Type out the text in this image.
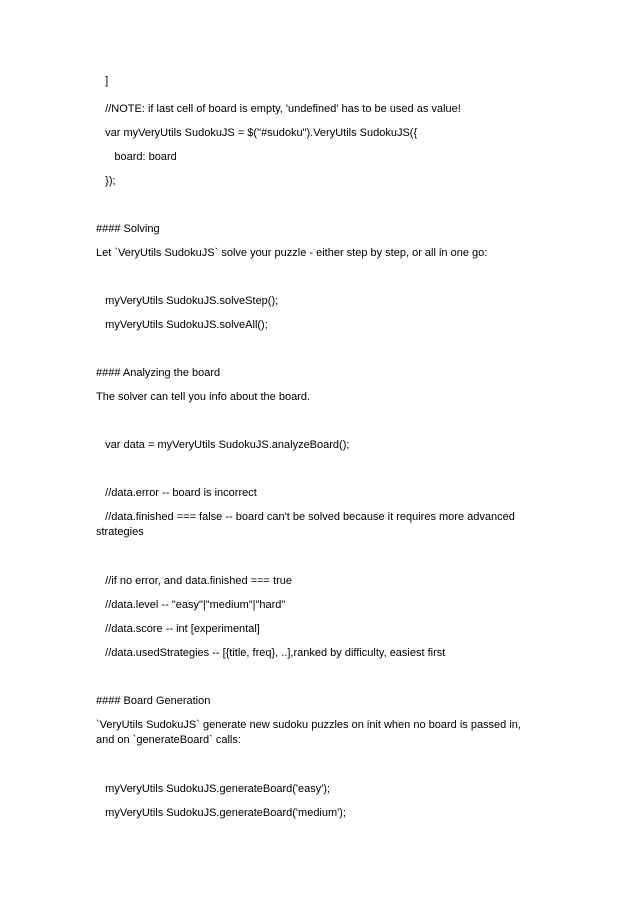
]
//NOTE: if last cell of board is empty, 'undefined' has to be used as value!
var myVeryUtils SudokuJS = $("#sudoku").VeryUtils SudokuJS({
board: board
});
#### Solving
Let `VeryUtils SudokuJS` solve your puzzle - either step by step, or all in one go:
myVeryUtils SudokuJS.solveStep();
myVeryUtils SudokuJS.solveAll();
#### Analyzing the board
The solver can tell you info about the board.
var data = myVeryUtils SudokuJS.analyzeBoard();
//data.error -- board is incorrect
//data.finished === false -- board can't be solved because it requires more advanced strategies
//if no error, and data.finished === true
//data.level -- "easy"|"medium"|"hard"
//data.score -- int [experimental]
//data.usedStrategies -- [{title, freq}, ..],ranked by difficulty, easiest first
#### Board Generation
`VeryUtils SudokuJS` generate new sudoku puzzles on init when no board is passed in, and on `generateBoard` calls:
myVeryUtils SudokuJS.generateBoard('easy');
myVeryUtils SudokuJS.generateBoard('medium');
